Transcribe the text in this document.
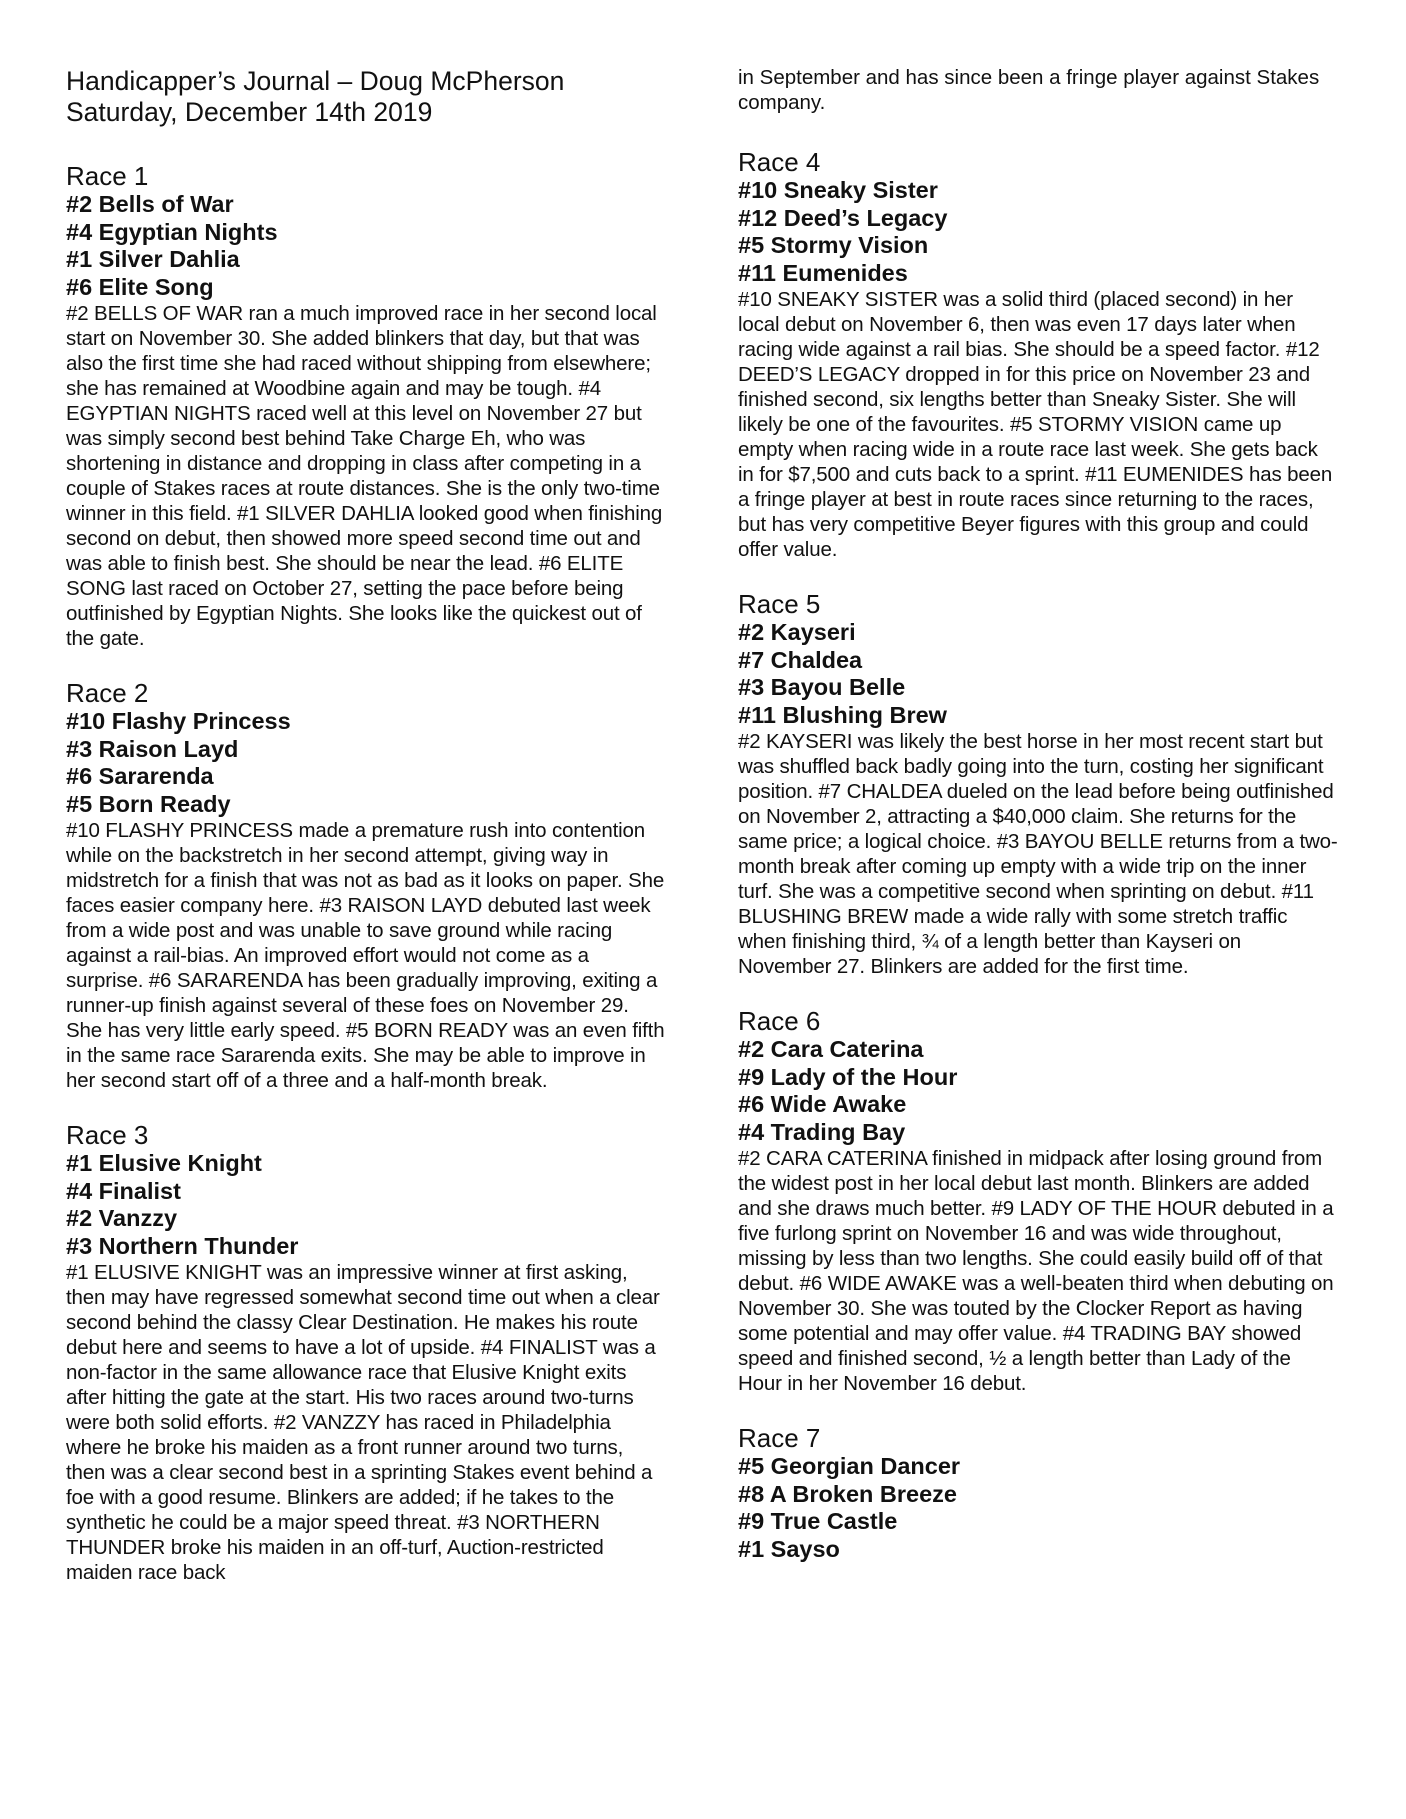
Handicapper’s Journal – Doug McPherson
Saturday, December 14th 2019
Race 1
#2 Bells of War
#4 Egyptian Nights
#1 Silver Dahlia
#6 Elite Song

#2 BELLS OF WAR ran a much improved race in her second local start on November 30. She added blinkers that day, but that was also the first time she had raced without shipping from elsewhere; she has remained at Woodbine again and may be tough. #4 EGYPTIAN NIGHTS raced well at this level on November 27 but was simply second best behind Take Charge Eh, who was shortening in distance and dropping in class after competing in a couple of Stakes races at route distances. She is the only two-time winner in this field. #1 SILVER DAHLIA looked good when finishing second on debut, then showed more speed second time out and was able to finish best. She should be near the lead. #6 ELITE SONG last raced on October 27, setting the pace before being outfinished by Egyptian Nights. She looks like the quickest out of the gate.

Race 2
#10 Flashy Princess
#3 Raison Layd
#6 Sararenda
#5 Born Ready

#10 FLASHY PRINCESS made a premature rush into contention while on the backstretch in her second attempt, giving way in midstretch for a finish that was not as bad as it looks on paper. She faces easier company here. #3 RAISON LAYD debuted last week from a wide post and was unable to save ground while racing against a rail-bias. An improved effort would not come as a surprise. #6 SARARENDA has been gradually improving, exiting a runner-up finish against several of these foes on November 29. She has very little early speed. #5 BORN READY was an even fifth in the same race Sararenda exits. She may be able to improve in her second start off of a three and a half-month break.

Race 3
#1 Elusive Knight
#4 Finalist
#2 Vanzzy
#3 Northern Thunder

#1 ELUSIVE KNIGHT was an impressive winner at first asking, then may have regressed somewhat second time out when a clear second behind the classy Clear Destination. He makes his route debut here and seems to have a lot of upside. #4 FINALIST was a non-factor in the same allowance race that Elusive Knight exits after hitting the gate at the start. His two races around two-turns were both solid efforts. #2 VANZZY has raced in Philadelphia where he broke his maiden as a front runner around two turns, then was a clear second best in a sprinting Stakes event behind a foe with a good resume. Blinkers are added; if he takes to the synthetic he could be a major speed threat. #3 NORTHERN THUNDER broke his maiden in an off-turf, Auction-restricted maiden race back

in September and has since been a fringe player against Stakes company.

Race 4
#10 Sneaky Sister
#12 Deed’s Legacy
#5 Stormy Vision
#11 Eumenides

#10 SNEAKY SISTER was a solid third (placed second) in her local debut on November 6, then was even 17 days later when racing wide against a rail bias. She should be a speed factor. #12 DEED’S LEGACY dropped in for this price on November 23 and finished second, six lengths better than Sneaky Sister. She will likely be one of the favourites. #5 STORMY VISION came up empty when racing wide in a route race last week. She gets back in for $7,500 and cuts back to a sprint. #11 EUMENIDES has been a fringe player at best in route races since returning to the races, but has very competitive Beyer figures with this group and could offer value.

Race 5
#2 Kayseri
#7 Chaldea
#3 Bayou Belle
#11 Blushing Brew

#2 KAYSERI was likely the best horse in her most recent start but was shuffled back badly going into the turn, costing her significant position. #7 CHALDEA dueled on the lead before being outfinished on November 2, attracting a $40,000 claim. She returns for the same price; a logical choice. #3 BAYOU BELLE returns from a two-month break after coming up empty with a wide trip on the inner turf. She was a competitive second when sprinting on debut. #11 BLUSHING BREW made a wide rally with some stretch traffic when finishing third, ¾ of a length better than Kayseri on November 27. Blinkers are added for the first time.

Race 6
#2 Cara Caterina
#9 Lady of the Hour
#6 Wide Awake
#4 Trading Bay

#2 CARA CATERINA finished in midpack after losing ground from the widest post in her local debut last month. Blinkers are added and she draws much better. #9 LADY OF THE HOUR debuted in a five furlong sprint on November 16 and was wide throughout, missing by less than two lengths. She could easily build off of that debut. #6 WIDE AWAKE was a well-beaten third when debuting on November 30. She was touted by the Clocker Report as having some potential and may offer value. #4 TRADING BAY showed speed and finished second, ½ a length better than Lady of the Hour in her November 16 debut.

Race 7
#5 Georgian Dancer
#8 A Broken Breeze
#9 True Castle
#1 Sayso
